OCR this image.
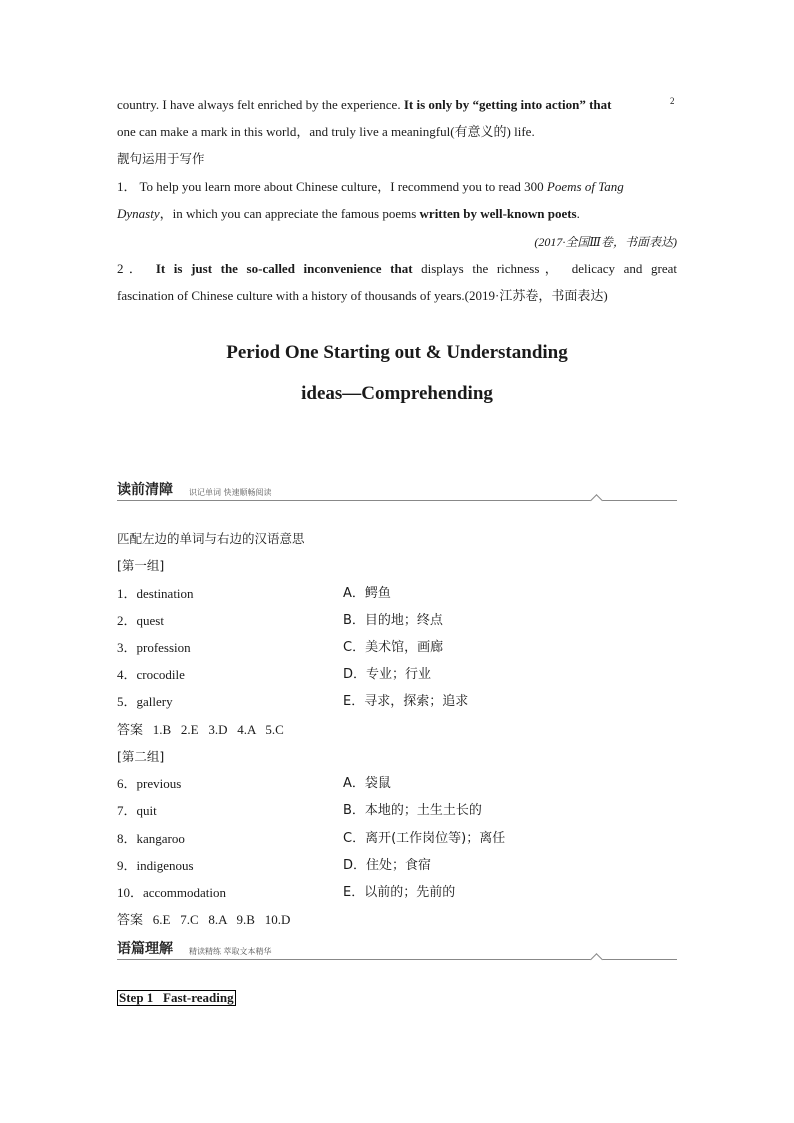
country. I have always felt enriched by the experience. It is only by “getting into action” that	2
one can make a mark in this world，and truly live a meaningful(有意义的) life.
靓句运用于写作
1． To help you learn more about Chinese culture，I recommend you to read 300 Poems of Tang
Dynasty，in which you can appreciate the famous poems written by well-known poets.
(2017·全国Ⅲ卷，书面表达)
2． It is just the so-called inconvenience that displays the richness， delicacy and great
fascination of Chinese culture with a history of thousands of years.(2019·江苏卷，书面表达)
Period One Starting out & Understanding
ideas—Comprehending
读前清障 识记单词 快速顺畅阅读
匹配左边的单词与右边的汉语意思
[第一组]
1．destination	A．鳄鱼
2．quest	B．目的地；终点
3．profession	C．美术馆，画廊
4．crocodile	D．专业；行业
5．gallery	E．寻求，探索；追求
答案   1.B   2.E   3.D   4.A   5.C
[第二组]
6．previous	A．袋鼠
7．quit	B．本地的；土生土长的
8．kangaroo	C．离开(工作岗位等)；离任
9．indigenous	D．住处；食宿
10．accommodation	E．以前的；先前的
答案   6.E   7.C   8.A   9.B   10.D
语篇理解 精读精练 萃取文本精华
Step 1   Fast-reading
